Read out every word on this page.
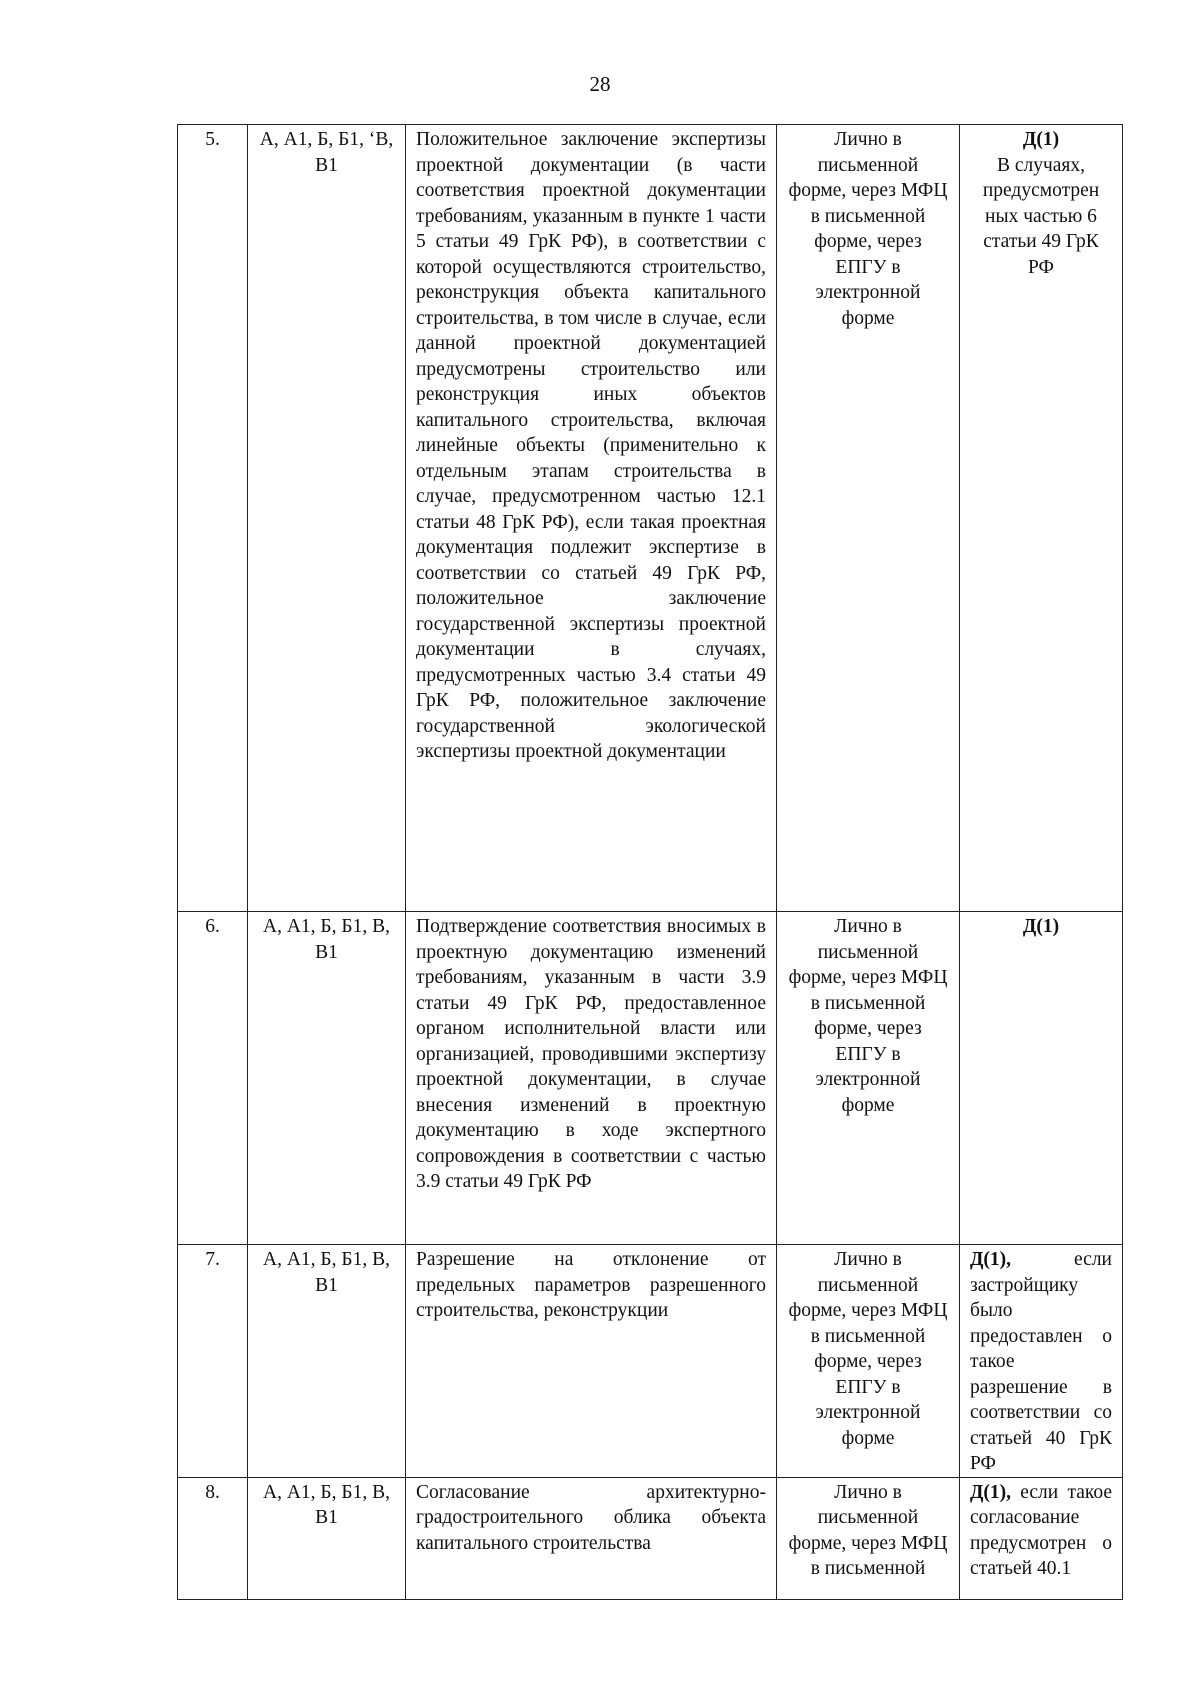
28
5.	А, А1, Б, Б1, ‘В, В1	Положительное заключение экспертизы проектной документации (в части соответствия проектной документации требованиям, указанным в пункте 1 части 5 статьи 49 ГрК РФ), в соответствии с которой осуществляются строительство, реконструкция объекта капитального строительства, в том числе в случае, если данной проектной документацией предусмотрены строительство или реконструкция иных объектов капитального строительства, включая линейные объекты (применительно к отдельным этапам строительства в случае, предусмотренном частью 12.1 статьи 48 ГрК РФ), если такая проектная документация подлежит экспертизе в соответствии со статьей 49 ГрК РФ, положительное заключение государственной экспертизы проектной документации в случаях, предусмотренных частью 3.4 статьи 49 ГрК РФ, положительное заключение государственной экологической экспертизы проектной документации	Лично в письменной форме, через МФЦ в письменной форме, через ЕПГУ в электронной форме	Д(1)
В случаях, предусмотрен ных частью 6 статьи 49 ГрК РФ
6.	А, А1, Б, Б1, В, В1	Подтверждение соответствия вносимых в проектную документацию изменений требованиям, указанным в части 3.9 статьи 49 ГрК РФ, предоставленное органом исполнительной власти или организацией, проводившими экспертизу проектной документации, в случае внесения изменений в проектную документацию в ходе экспертного сопровождения в соответствии с частью 3.9 статьи 49 ГрК РФ	Лично в письменной форме, через МФЦ в письменной форме, через ЕПГУ в электронной форме	Д(1)
7.	А, А1, Б, Б1, В, В1	Разрешение на отклонение от предельных параметров разрешенного строительства, реконструкции	Лично в письменной форме, через МФЦ в письменной форме, через ЕПГУ в электронной форме	Д(1), если застройщику было предоставлен о такое разрешение в соответствии со статьей 40 ГрК РФ
8.	А, А1, Б, Б1, В, В1	Согласование архитектурно-градостроительного облика объекта капитального строительства	Лично в письменной форме, через МФЦ в письменной	Д(1), если такое согласование предусмотрен о статьей 40.1
